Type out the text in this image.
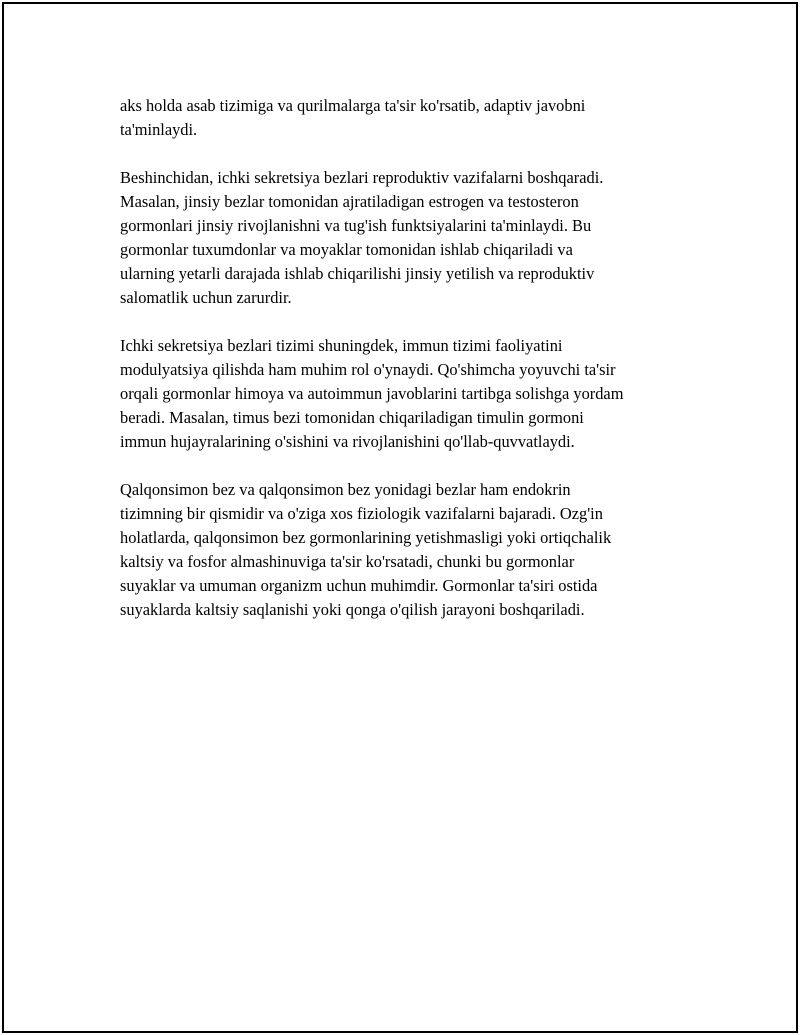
aks holda asab tizimiga va qurilmalarga ta'sir ko'rsatib, adaptiv javobni
ta'minlaydi.

Beshinchidan, ichki sekretsiya bezlari reproduktiv vazifalarni boshqaradi.
Masalan, jinsiy bezlar tomonidan ajratiladigan estrogen va testosteron
gormonlari jinsiy rivojlanishni va tug'ish funktsiyalarini ta'minlaydi. Bu
gormonlar tuxumdonlar va moyaklar tomonidan ishlab chiqariladi va
ularning yetarli darajada ishlab chiqarilishi jinsiy yetilish va reproduktiv
salomatlik uchun zarurdir.

Ichki sekretsiya bezlari tizimi shuningdek, immun tizimi faoliyatini
modulyatsiya qilishda ham muhim rol o'ynaydi. Qo'shimcha yoyuvchi ta'sir
orqali gormonlar himoya va autoimmun javoblarini tartibga solishga yordam
beradi. Masalan, timus bezi tomonidan chiqariladigan timulin gormoni
immun hujayralarining o'sishini va rivojlanishini qo'llab-quvvatlaydi.

Qalqonsimon bez va qalqonsimon bez yonidagi bezlar ham endokrin
tizimning bir qismidir va o'ziga xos fiziologik vazifalarni bajaradi. Ozg'in
holatlarda, qalqonsimon bez gormonlarining yetishmasligi yoki ortiqchalik
kaltsiy va fosfor almashinuviga ta'sir ko'rsatadi, chunki bu gormonlar
suyaklar va umuman organizm uchun muhimdir. Gormonlar ta'siri ostida
suyaklarda kaltsiy saqlanishi yoki qonga o'qilish jarayoni boshqariladi.
